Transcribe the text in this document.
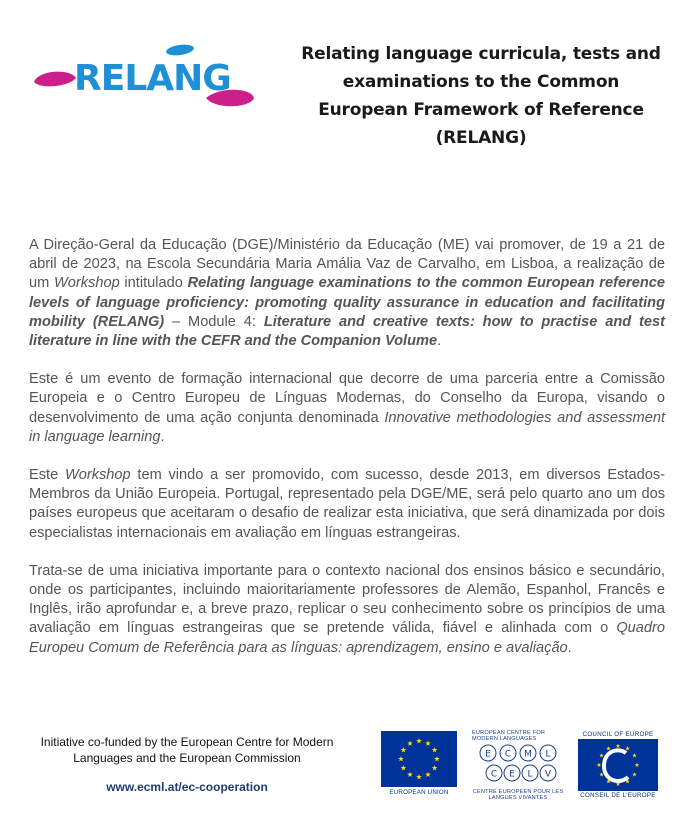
RELANG

Relating language curricula, tests and examinations to the Common European Framework of Reference (RELANG)

A Direção-Geral da Educação (DGE)/Ministério da Educação (ME) vai promover, de 19 a 21 de abril de 2023, na Escola Secundária Maria Amália Vaz de Carvalho, em Lisboa, a realização de um Workshop intitulado Relating language examinations to the common European reference levels of language proficiency: promoting quality assurance in education and facilitating mobility (RELANG) – Module 4: Literature and creative texts: how to practise and test literature in line with the CEFR and the Companion Volume.

Este é um evento de formação internacional que decorre de uma parceria entre a Comissão Europeia e o Centro Europeu de Línguas Modernas, do Conselho da Europa, visando o desenvolvimento de uma ação conjunta denominada Innovative methodologies and assessment in language learning.

Este Workshop tem vindo a ser promovido, com sucesso, desde 2013, em diversos Estados-Membros da União Europeia. Portugal, representado pela DGE/ME, será pelo quarto ano um dos países europeus que aceitaram o desafio de realizar esta iniciativa, que será dinamizada por dois especialistas internacionais em avaliação em línguas estrangeiras.

Trata-se de uma iniciativa importante para o contexto nacional dos ensinos básico e secundário, onde os participantes, incluindo maioritariamente professores de Alemão, Espanhol, Francês e Inglês, irão aprofundar e, a breve prazo, replicar o seu conhecimento sobre os princípios de uma avaliação em línguas estrangeiras que se pretende válida, fiável e alinhada com o Quadro Europeu Comum de Referência para as línguas: aprendizagem, ensino e avaliação.

Initiative co-funded by the European Centre for Modern Languages and the European Commission
www.ecml.at/ec-cooperation	EUROPEAN UNION
EUROPEAN CENTRE FOR MODERN LANGUAGES
E C M L
C E L V
CENTRE EUROPEEN POUR LES LANGUES VIVANTES
COUNCIL OF EUROPE
CONSEIL DE L'EUROPE
